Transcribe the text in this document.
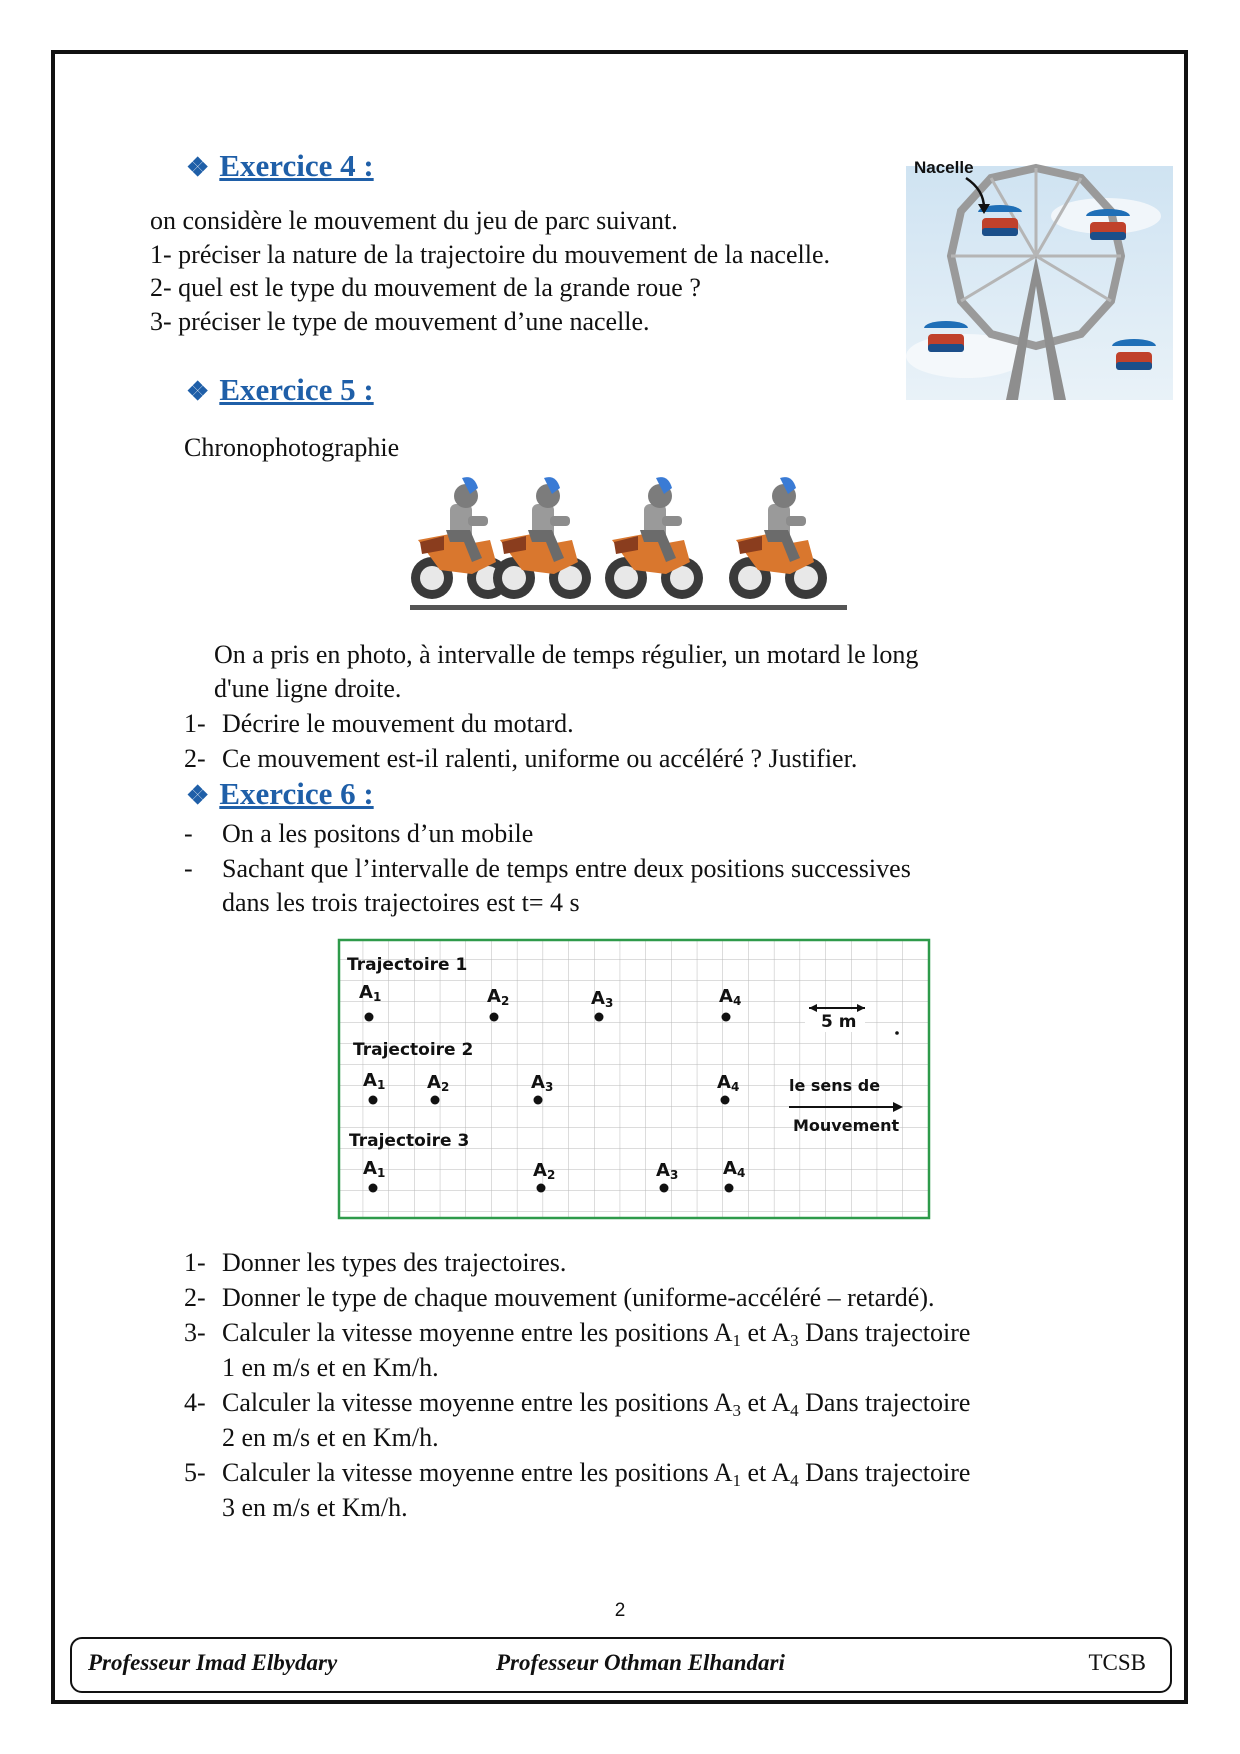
❖ Exercice 4 :
on considère le mouvement du jeu de parc suivant.
1- préciser la nature de la trajectoire du mouvement de la nacelle.
2- quel est le type du mouvement de la grande roue ?
3- préciser le type de mouvement d’une nacelle.
Nacelle
❖ Exercice 5 :
Chronophotographie
On a pris en photo, à intervalle de temps régulier, un motard le long
d'une ligne droite.
1- Décrire le mouvement du motard.
2- Ce mouvement est-il ralenti, uniforme ou accéléré ? Justifier.
❖ Exercice 6 :
- On a les positons d’un mobile
- Sachant que l’intervalle de temps entre deux positions successives
dans les trois trajectoires est t= 4 s
Trajectoire 1
Trajectoire 2
Trajectoire 3
$A_1$	$A_2$	$A_3$	$A_4$
$A_1$ $A_2$	$A_3$	$A_4$
$A_1$	$A_2$	$A_3$ $A_4$
5 m
le sens de
Mouvement
1- Donner les types des trajectoires.
2- Donner le type de chaque mouvement (uniforme-accéléré – retardé).
3- Calculer la vitesse moyenne entre les positions $A_1$ et $A_3$ Dans trajectoire
1 en m/s et en Km/h.
4- Calculer la vitesse moyenne entre les positions $A_3$ et $A_4$ Dans trajectoire
2 en m/s et en Km/h.
5- Calculer la vitesse moyenne entre les positions $A_1$ et $A_4$ Dans trajectoire
3 en m/s et Km/h.
2
Professeur Imad Elbydary	Professeur Othman Elhandari	TCSB
